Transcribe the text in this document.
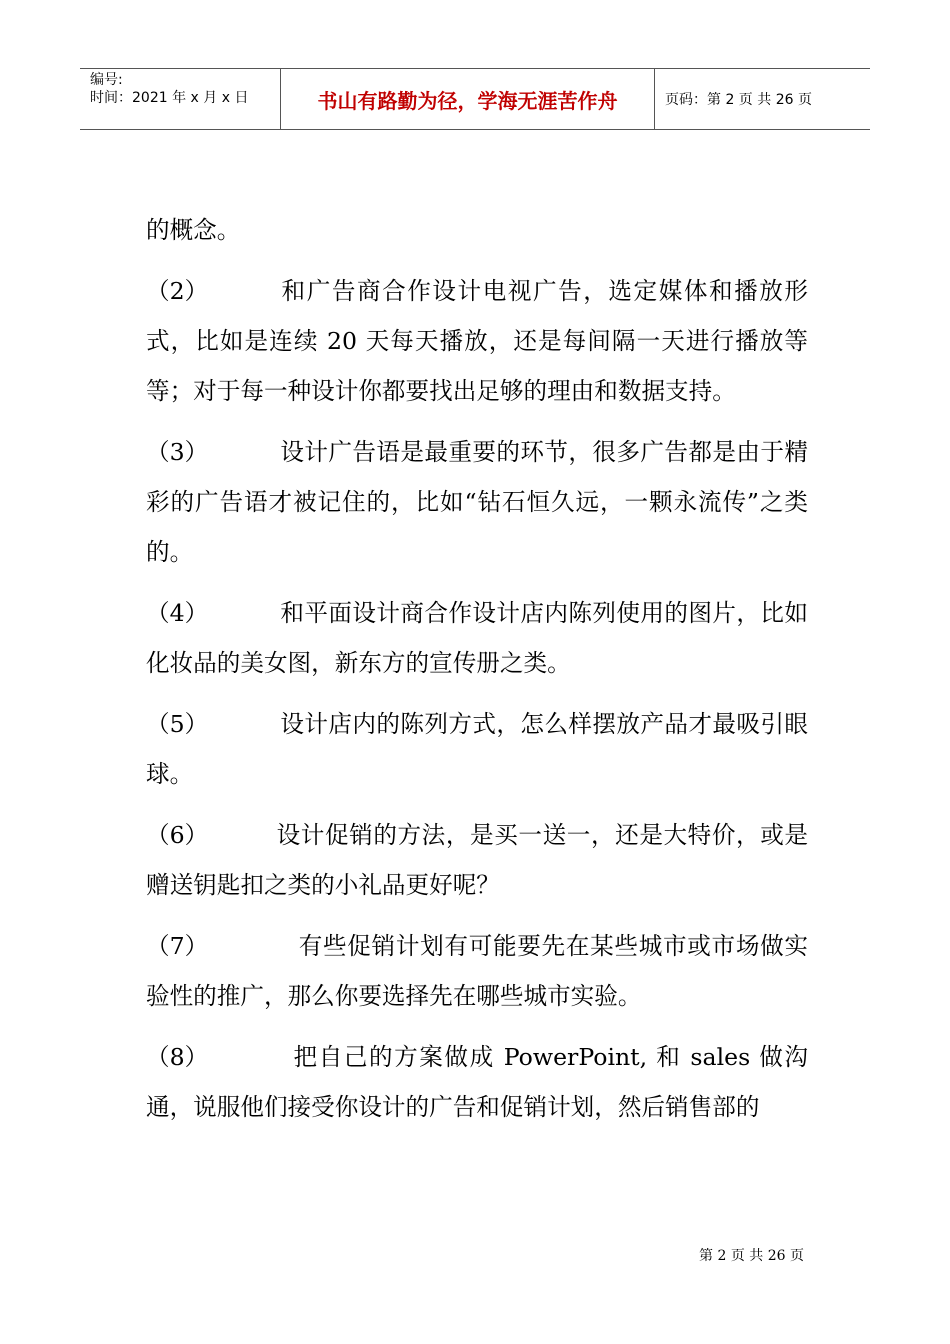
编号:
时间：2021 年 x 月 x 日	书山有路勤为径，学海无涯苦作舟	页码：第 2 页 共 26 页

的概念。

（2）	和广告商合作设计电视广告，选定媒体和播放形式，比如是连续 20 天每天播放，还是每间隔一天进行播放等等；对于每一种设计你都要找出足够的理由和数据支持。

（3）	设计广告语是最重要的环节，很多广告都是由于精彩的广告语才被记住的，比如“钻石恒久远，一颗永流传”之类的。

（4）	和平面设计商合作设计店内陈列使用的图片，比如化妆品的美女图，新东方的宣传册之类。

（5）	设计店内的陈列方式，怎么样摆放产品才最吸引眼球。

（6）	设计促销的方法，是买一送一，还是大特价，或是赠送钥匙扣之类的小礼品更好呢？

（7）	有些促销计划有可能要先在某些城市或市场做实验性的推广，那么你要选择先在哪些城市实验。

（8）	把自己的方案做成 PowerPoint, 和 sales 做沟通，说服他们接受你设计的广告和促销计划，然后销售部的

第 2 页 共 26 页
